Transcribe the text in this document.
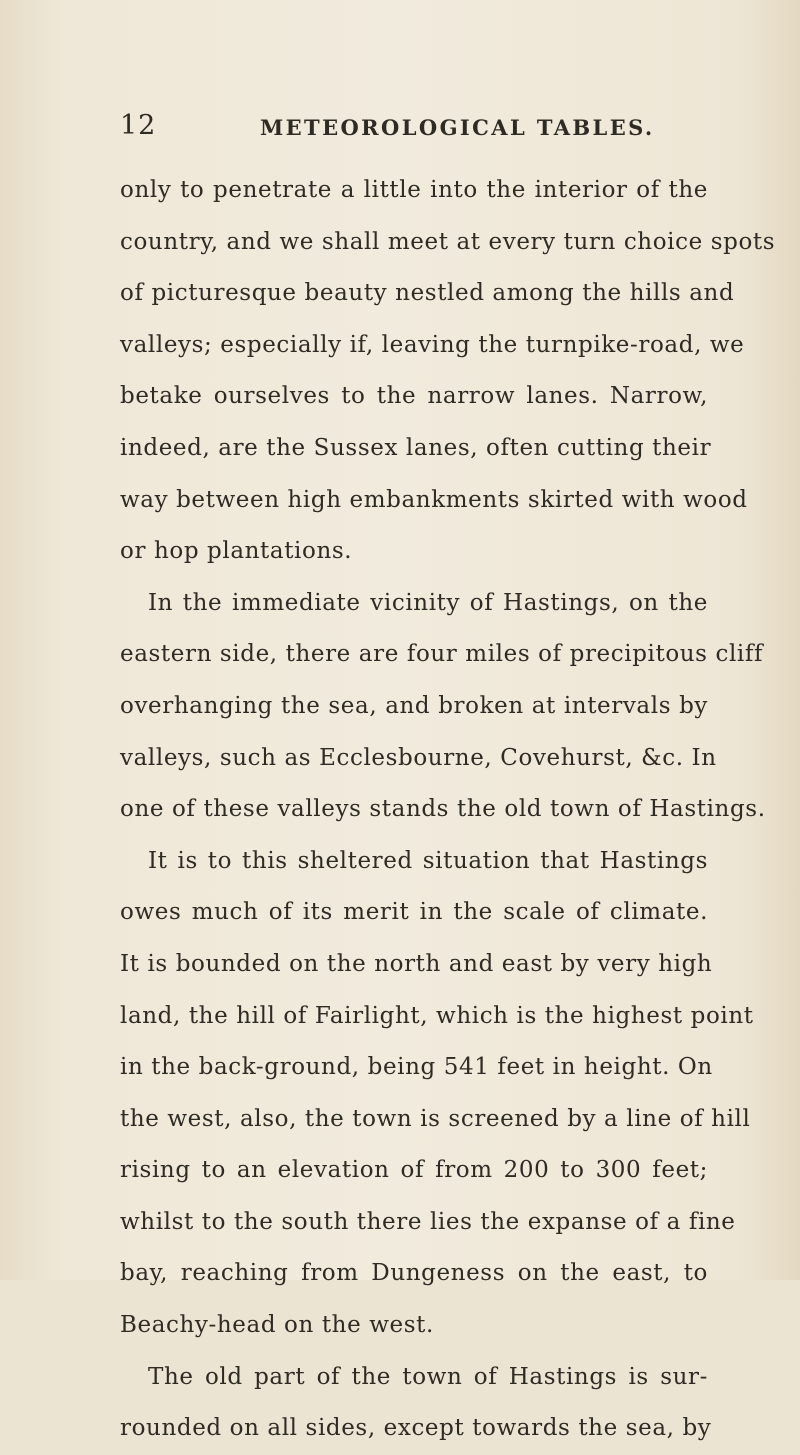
12	METEOROLOGICAL TABLES.
only to penetrate a little into the interior of the
country, and we shall meet at every turn choice spots
of picturesque beauty nestled among the hills and
valleys; especially if, leaving the turnpike-road, we
betake ourselves to the narrow lanes. Narrow,
indeed, are the Sussex lanes, often cutting their
way between high embankments skirted with wood
or hop plantations.
In the immediate vicinity of Hastings, on the
eastern side, there are four miles of precipitous cliff
overhanging the sea, and broken at intervals by
valleys, such as Ecclesbourne, Covehurst, &c. In
one of these valleys stands the old town of Hastings.
It is to this sheltered situation that Hastings
owes much of its merit in the scale of climate.
It is bounded on the north and east by very high
land, the hill of Fairlight, which is the highest point
in the back-ground, being 541 feet in height. On
the west, also, the town is screened by a line of hill
rising to an elevation of from 200 to 300 feet;
whilst to the south there lies the expanse of a fine
bay, reaching from Dungeness on the east, to
Beachy-head on the west.
The old part of the town of Hastings is sur-
rounded on all sides, except towards the sea, by
